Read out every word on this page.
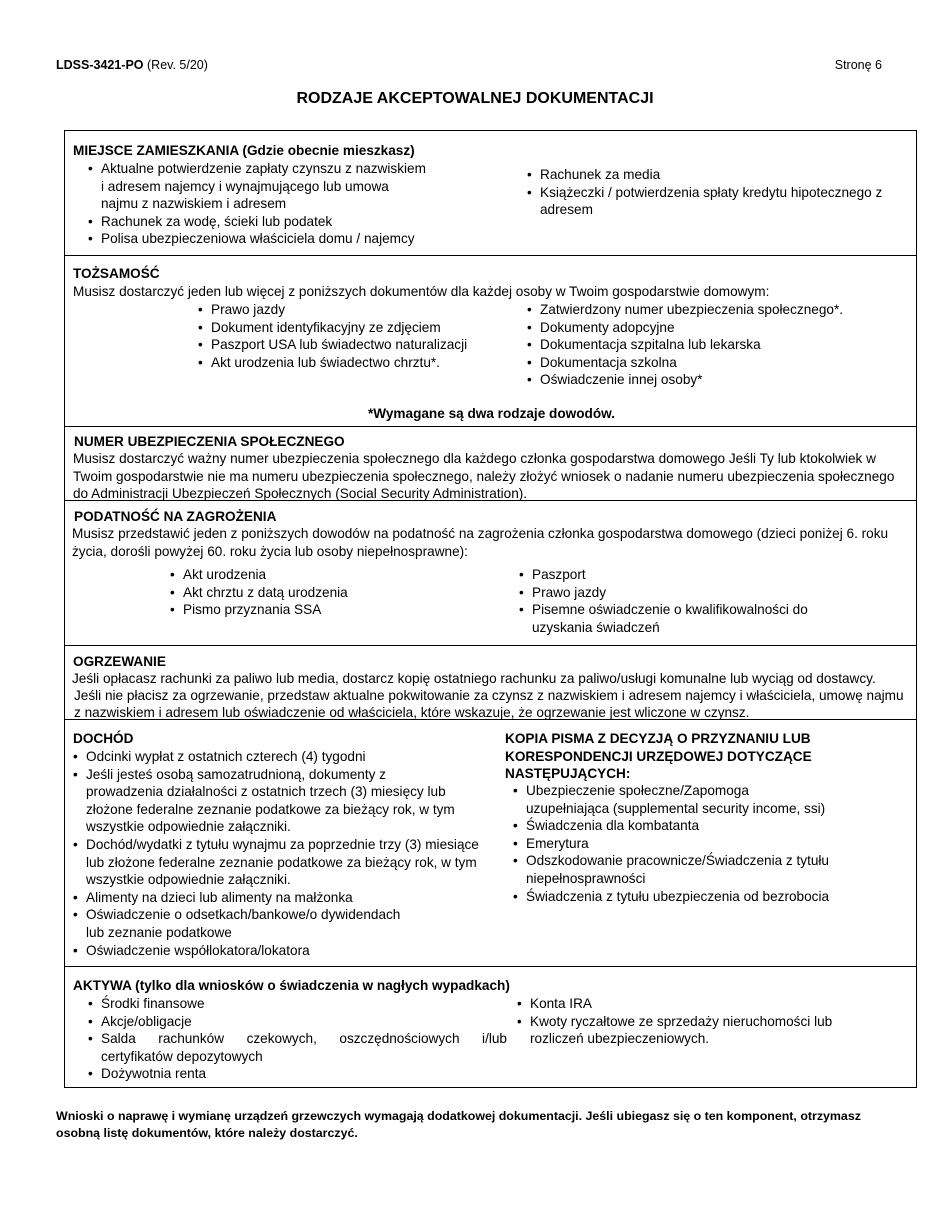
LDSS-3421-PO (Rev. 5/20)	Stronę 6
RODZAJE AKCEPTOWALNEJ DOKUMENTACJI
MIEJSCE ZAMIESZKANIA (Gdzie obecnie mieszkasz)
• Aktualne potwierdzenie zapłaty czynszu z nazwiskiem i adresem najemcy i wynajmującego lub umowa najmu z nazwiskiem i adresem
• Rachunek za wodę, ścieki lub podatek
• Polisa ubezpieczeniowa właściciela domu / najemcy
• Rachunek za media
• Książeczki / potwierdzenia spłaty kredytu hipotecznego z adresem
TOŻSAMOŚĆ
Musisz dostarczyć jeden lub więcej z poniższych dokumentów dla każdej osoby w Twoim gospodarstwie domowym:
• Prawo jazdy
• Dokument identyfikacyjny ze zdjęciem
• Paszport USA lub świadectwo naturalizacji
• Akt urodzenia lub świadectwo chrztu*.
• Zatwierdzony numer ubezpieczenia społecznego*.
• Dokumenty adopcyjne
• Dokumentacja szpitalna lub lekarska
• Dokumentacja szkolna
• Oświadczenie innej osoby*
*Wymagane są dwa rodzaje dowodów.
NUMER UBEZPIECZENIA SPOŁECZNEGO
Musisz dostarczyć ważny numer ubezpieczenia społecznego dla każdego członka gospodarstwa domowego Jeśli Ty lub ktokolwiek w Twoim gospodarstwie nie ma numeru ubezpieczenia społecznego, należy złożyć wniosek o nadanie numeru ubezpieczenia społecznego do Administracji Ubezpieczeń Społecznych (Social Security Administration).
PODATNOŚĆ NA ZAGROŻENIA
Musisz przedstawić jeden z poniższych dowodów na podatność na zagrożenia członka gospodarstwa domowego (dzieci poniżej 6. roku życia, dorośli powyżej 60. roku życia lub osoby niepełnosprawne):
• Akt urodzenia
• Akt chrztu z datą urodzenia
• Pismo przyznania SSA
• Paszport
• Prawo jazdy
• Pisemne oświadczenie o kwalifikowalności do uzyskania świadczeń
OGRZEWANIE
Jeśli opłacasz rachunki za paliwo lub media, dostarcz kopię ostatniego rachunku za paliwo/usługi komunalne lub wyciąg od dostawcy.
Jeśli nie płacisz za ogrzewanie, przedstaw aktualne pokwitowanie za czynsz z nazwiskiem i adresem najemcy i właściciela, umowę najmu
z nazwiskiem i adresem lub oświadczenie od właściciela, które wskazuje, że ogrzewanie jest wliczone w czynsz.
DOCHÓD
• Odcinki wypłat z ostatnich czterech (4) tygodni
• Jeśli jesteś osobą samozatrudnioną, dokumenty z prowadzenia działalności z ostatnich trzech (3) miesięcy lub złożone federalne zeznanie podatkowe za bieżący rok, w tym wszystkie odpowiednie załączniki.
• Dochód/wydatki z tytułu wynajmu za poprzednie trzy (3) miesiące lub złożone federalne zeznanie podatkowe za bieżący rok, w tym wszystkie odpowiednie załączniki.
• Alimenty na dzieci lub alimenty na małżonka
• Oświadczenie o odsetkach/bankowe/o dywidendach lub zeznanie podatkowe
• Oświadczenie współlokatora/lokatora
KOPIA PISMA Z DECYZJĄ O PRZYZNANIU LUB KORESPONDENCJI URZĘDOWEJ DOTYCZĄCE NASTĘPUJĄCYCH:
• Ubezpieczenie społeczne/Zapomoga uzupełniająca (supplemental security income, ssi)
• Świadczenia dla kombatanta
• Emerytura
• Odszkodowanie pracownicze/Świadczenia z tytułu niepełnosprawności
• Świadczenia z tytułu ubezpieczenia od bezrobocia
AKTYWA (tylko dla wniosków o świadczenia w nagłych wypadkach)
• Środki finansowe
• Akcje/obligacje
• Salda rachunków czekowych, oszczędnościowych i/lub certyfikatów depozytowych
• Dożywotnia renta
• Konta IRA
• Kwoty ryczałtowe ze sprzedaży nieruchomości lub rozliczeń ubezpieczeniowych.
Wnioski o naprawę i wymianę urządzeń grzewczych wymagają dodatkowej dokumentacji. Jeśli ubiegasz się o ten komponent, otrzymasz osobną listę dokumentów, które należy dostarczyć.
